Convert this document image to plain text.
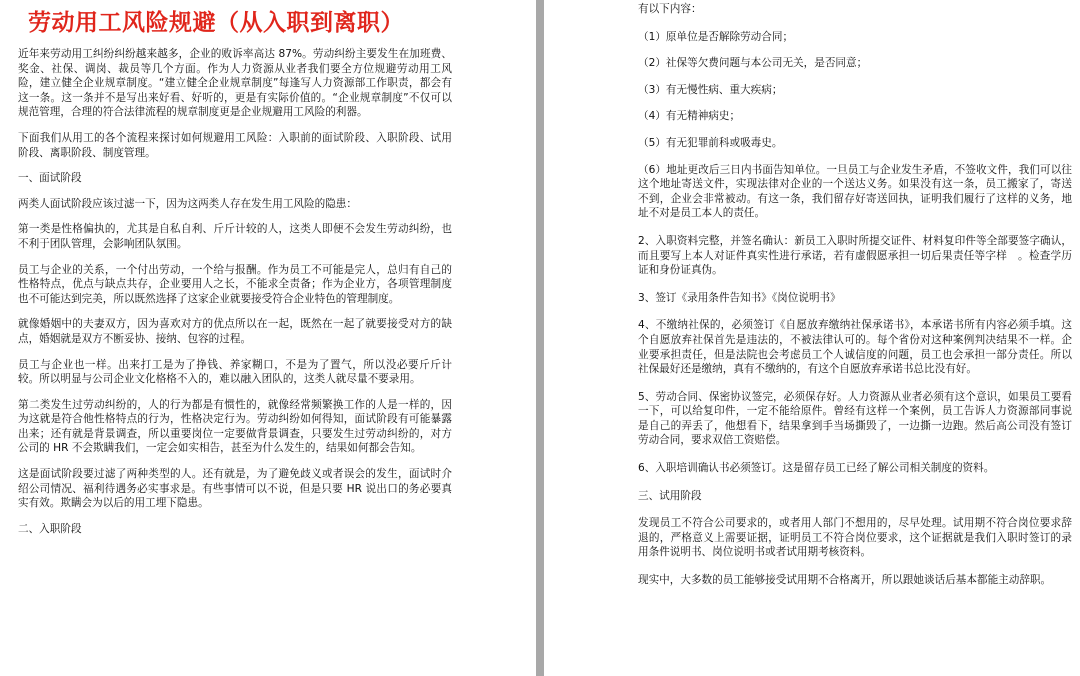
劳动用工风险规避（从入职到离职）

近年来劳动用工纠纷纠纷越来越多，企业的败诉率高达 87%。劳动纠纷主要发生在加班费、奖金、社保、调岗、裁员等几个方面。作为人力资源从业者我们要全方位规避劳动用工风险，建立健全企业规章制度。“建立健全企业规章制度”每逢写人力资源部工作职责，都会有这一条。这一条并不是写出来好看、好听的，更是有实际价值的。“企业规章制度”不仅可以规范管理，合理的符合法律流程的规章制度更是企业规避用工风险的利器。

下面我们从用工的各个流程来探讨如何规避用工风险：入职前的面试阶段、入职阶段、试用阶段、离职阶段、制度管理。

一、面试阶段

两类人面试阶段应该过滤一下，因为这两类人存在发生用工风险的隐患：

第一类是性格偏执的，尤其是自私自利、斤斤计较的人，这类人即便不会发生劳动纠纷，也不利于团队管理，会影响团队氛围。

员工与企业的关系，一个付出劳动，一个给与报酬。作为员工不可能是完人，总归有自己的性格特点，优点与缺点共存，企业要用人之长，不能求全责备；作为企业方，各项管理制度也不可能达到完美，所以既然选择了这家企业就要接受符合企业特色的管理制度。

就像婚姻中的夫妻双方，因为喜欢对方的优点所以在一起，既然在一起了就要接受对方的缺点，婚姻就是双方不断妥协、接纳、包容的过程。

员工与企业也一样。出来打工是为了挣钱、养家糊口，不是为了置气，所以没必要斤斤计较。所以明显与公司企业文化格格不入的，难以融入团队的，这类人就尽量不要录用。

第二类发生过劳动纠纷的，人的行为都是有惯性的，就像经常频繁换工作的人是一样的，因为这就是符合他性格特点的行为，性格决定行为。劳动纠纷如何得知，面试阶段有可能暴露出来；还有就是背景调查，所以重要岗位一定要做背景调查，只要发生过劳动纠纷的，对方公司的 HR 不会欺瞒我们，一定会如实相告，甚至为什么发生的，结果如何都会告知。

这是面试阶段要过滤了两种类型的人。还有就是，为了避免歧义或者误会的发生，面试时介绍公司情况、福利待遇务必实事求是。有些事情可以不说，但是只要 HR 说出口的务必要真实有效。欺瞒会为以后的用工埋下隐患。

二、入职阶段

有以下内容：

（1）原单位是否解除劳动合同；

（2）社保等欠费问题与本公司无关，是否同意；

（3）有无慢性病、重大疾病；

（4）有无精神病史；

（5）有无犯罪前科或吸毒史。

（6）地址更改后三日内书面告知单位。一旦员工与企业发生矛盾，不签收文件，我们可以往这个地址寄送文件，实现法律对企业的一个送达义务。如果没有这一条，员工搬家了，寄送不到，企业会非常被动。有这一条，我们留存好寄送回执，证明我们履行了这样的义务，地址不对是员工本人的责任。

2、入职资料完整，并签名确认：新员工入职时所提交证件、材料复印件等全部要签字确认，而且要写上本人对证件真实性进行承诺，若有虚假愿承担一切后果责任等字样　。检查学历证和身份证真伪。

3、签订《录用条件告知书》《岗位说明书》

4、不缴纳社保的，必须签订《自愿放弃缴纳社保承诺书》，本承诺书所有内容必须手填。这个自愿放弃社保首先是违法的，不被法律认可的。每个省份对这种案例判决结果不一样。企业要承担责任，但是法院也会考虑员工个人诚信度的问题，员工也会承担一部分责任。所以社保最好还是缴纳，真有不缴纳的，有这个自愿放弃承诺书总比没有好。

5、劳动合同、保密协议签完，必须保存好。人力资源从业者必须有这个意识，如果员工要看一下，可以给复印件，一定不能给原件。曾经有这样一个案例，员工告诉人力资源部同事说是自己的弄丢了，他想看下，结果拿到手当场撕毁了，一边撕一边跑。然后高公司没有签订劳动合同，要求双倍工资赔偿。

6、入职培训确认书必须签订。这是留存员工已经了解公司相关制度的资料。

三、试用阶段

发现员工不符合公司要求的，或者用人部门不想用的，尽早处理。试用期不符合岗位要求辞退的，严格意义上需要证据，证明员工不符合岗位要求，这个证据就是我们入职时签订的录用条件说明书、岗位说明书或者试用期考核资料。

现实中，大多数的员工能够接受试用期不合格离开，所以跟她谈话后基本都能主动辞职。
